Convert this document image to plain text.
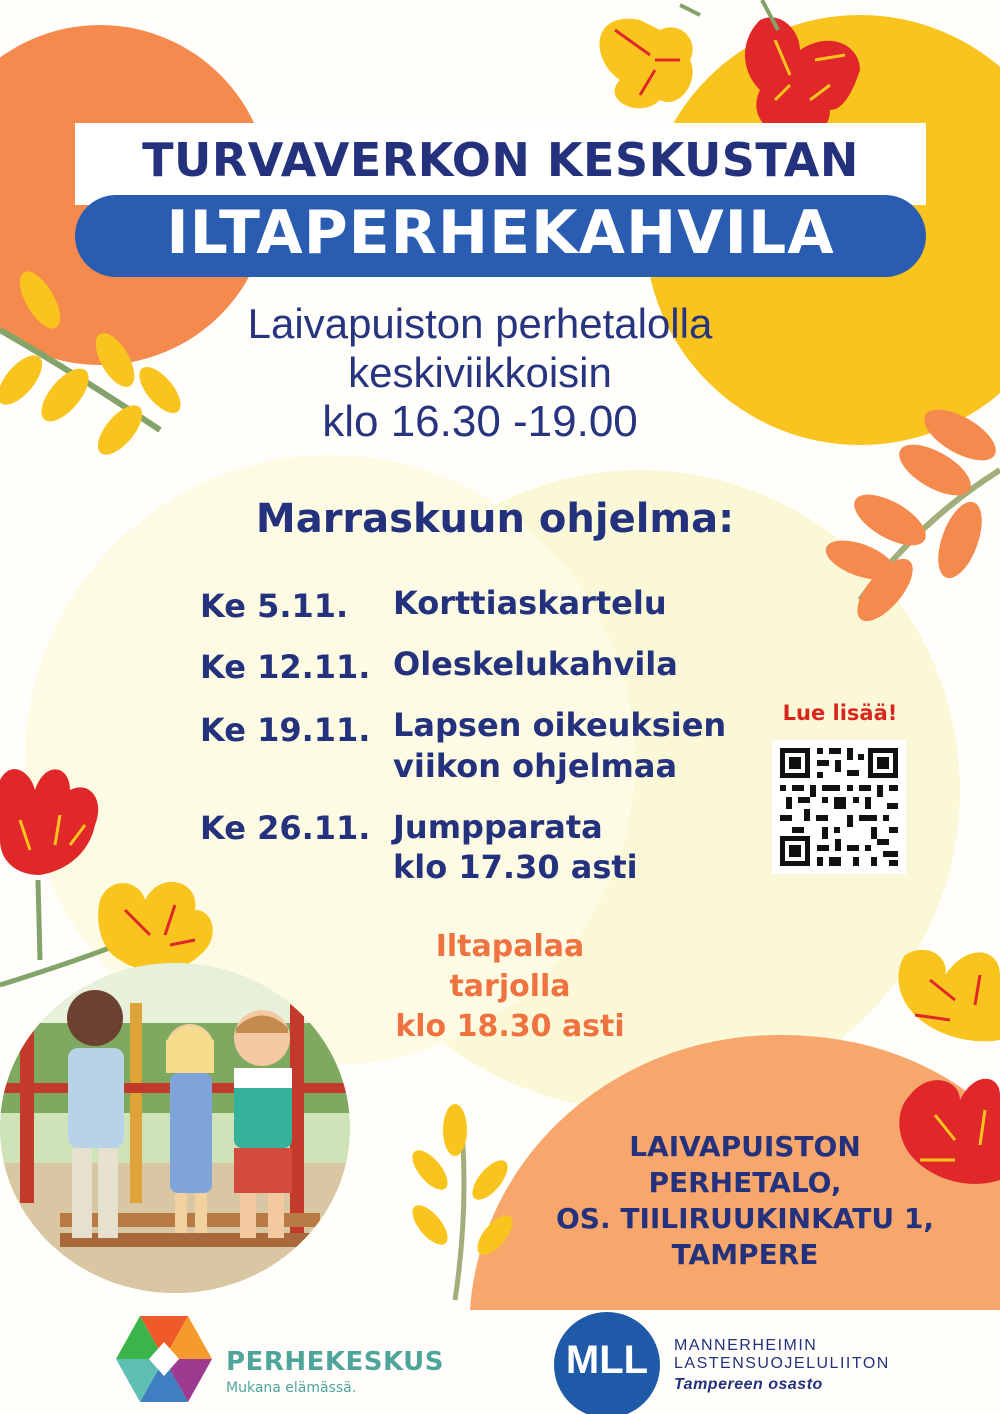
TURVAVERKON KESKUSTAN
ILTAPERHEKAHVILA
Laivapuiston perhetalolla
keskiviikkoisin
klo 16.30 -19.00
Marraskuun ohjelma:
Ke 5.11. Korttiaskartelu
Ke 12.11. Oleskelukahvila
Ke 19.11. Lapsen oikeuksien
viikon ohjelmaa
Ke 26.11. Jumpparata
klo 17.30 asti
Iltapalaa
tarjolla
klo 18.30 asti
Lue lisää!
LAIVAPUISTON
PERHETALO,
OS. TIILIRUUKINKATU 1,
TAMPERE
PERHEKESKUS
Mukana elämässä.
MLL	MANNERHEIMIN
LASTENSUOJELULIITON
Tampereen osasto
